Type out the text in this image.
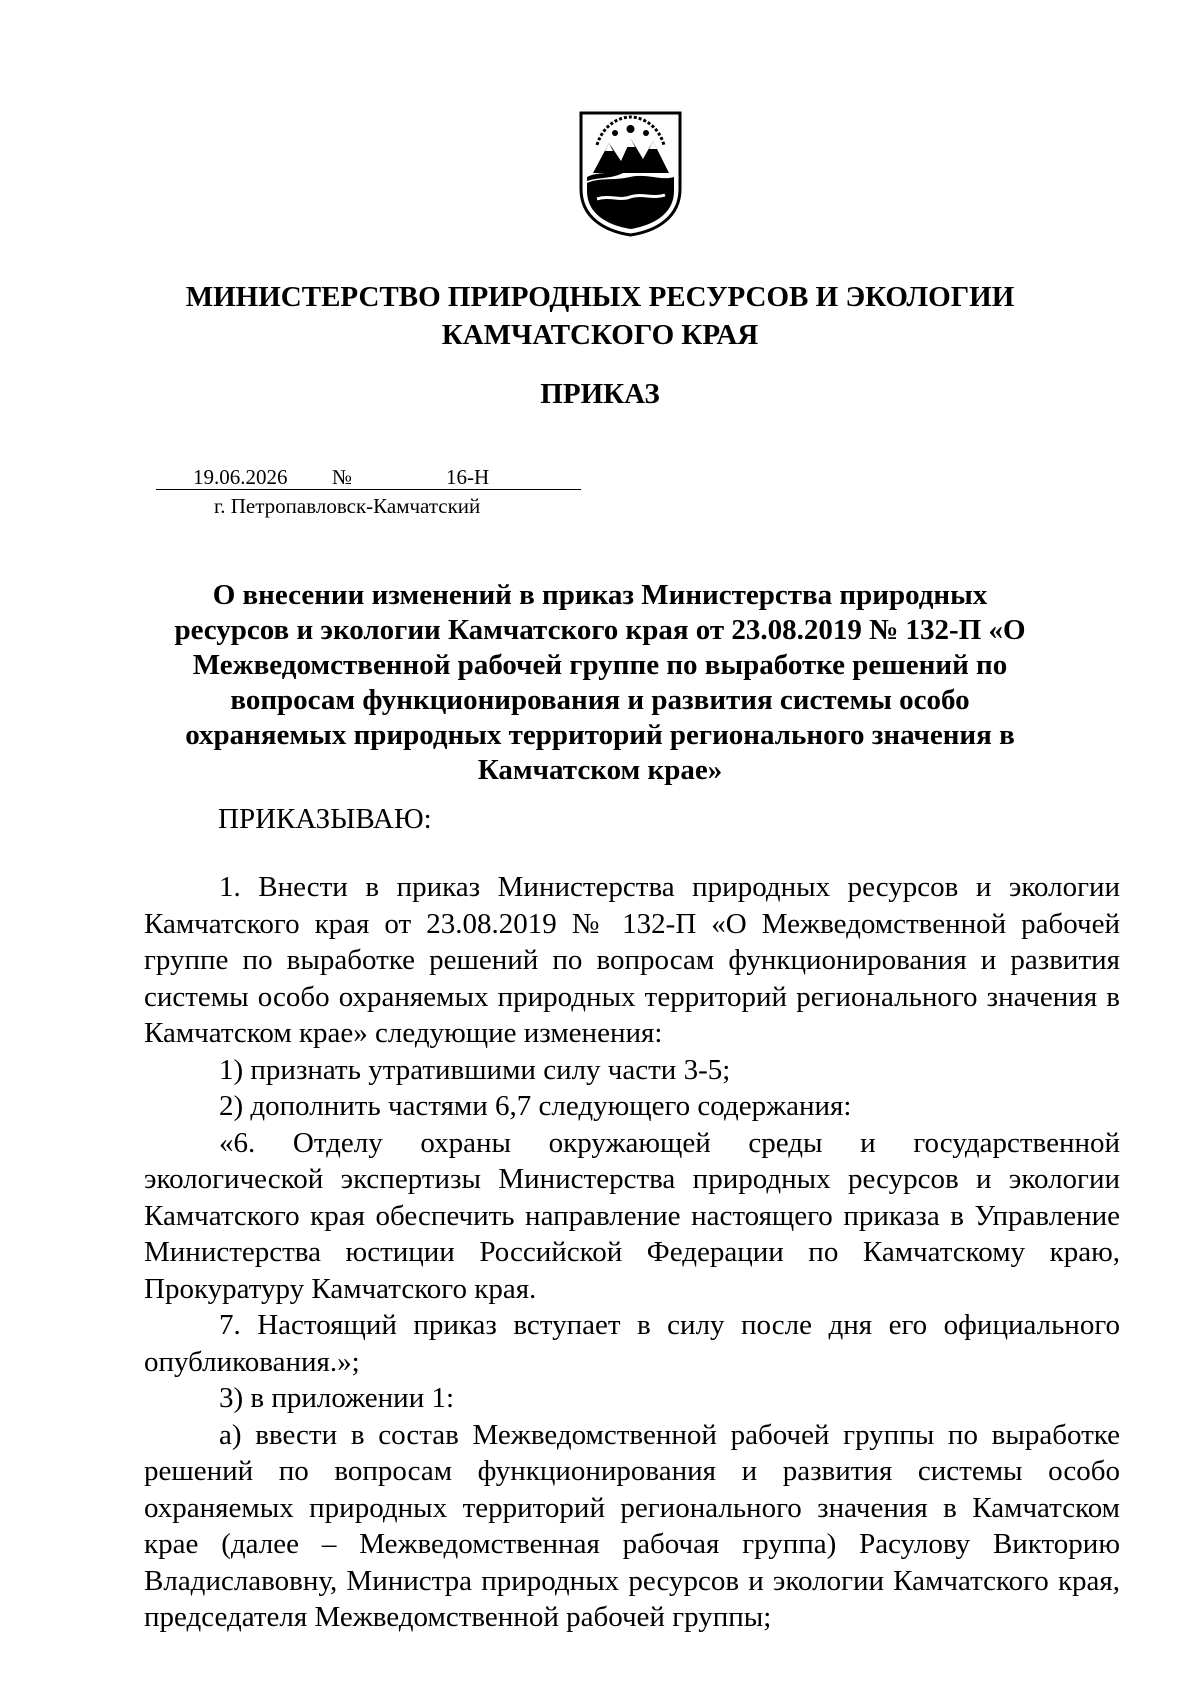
МИНИСТЕРСТВО ПРИРОДНЫХ РЕСУРСОВ И ЭКОЛОГИИ
КАМЧАТСКОГО КРАЯ
ПРИКАЗ
19.06.2026 №	16-Н
г. Петропавловск-Камчатский

О внесении изменений в приказ Министерства природных ресурсов и экологии Камчатского края от 23.08.2019 № 132-П «О Межведомственной рабочей группе по выработке решений по вопросам функционирования и развития системы особо охраняемых природных территорий регионального значения в Камчатском крае»

ПРИКАЗЫВАЮ:

1. Внести в приказ Министерства природных ресурсов и экологии Камчатского края от 23.08.2019 № 132-П «О Межведомственной рабочей группе по выработке решений по вопросам функционирования и развития системы особо охраняемых природных территорий регионального значения в Камчатском крае» следующие изменения:

1) признать утратившими силу части 3-5;

2) дополнить частями 6,7 следующего содержания:

«6. Отделу охраны окружающей среды и государственной экологической экспертизы Министерства природных ресурсов и экологии Камчатского края обеспечить направление настоящего приказа в Управление Министерства юстиции Российской Федерации по Камчатскому краю, Прокуратуру Камчатского края.

7. Настоящий приказ вступает в силу после дня его официального опубликования.»;

3) в приложении 1:

а) ввести в состав Межведомственной рабочей группы по выработке решений по вопросам функционирования и развития системы особо охраняемых природных территорий регионального значения в Камчатском крае (далее – Межведомственная рабочая группа) Расулову Викторию Владиславовну, Министра природных ресурсов и экологии Камчатского края, председателя Межведомственной рабочей группы;
